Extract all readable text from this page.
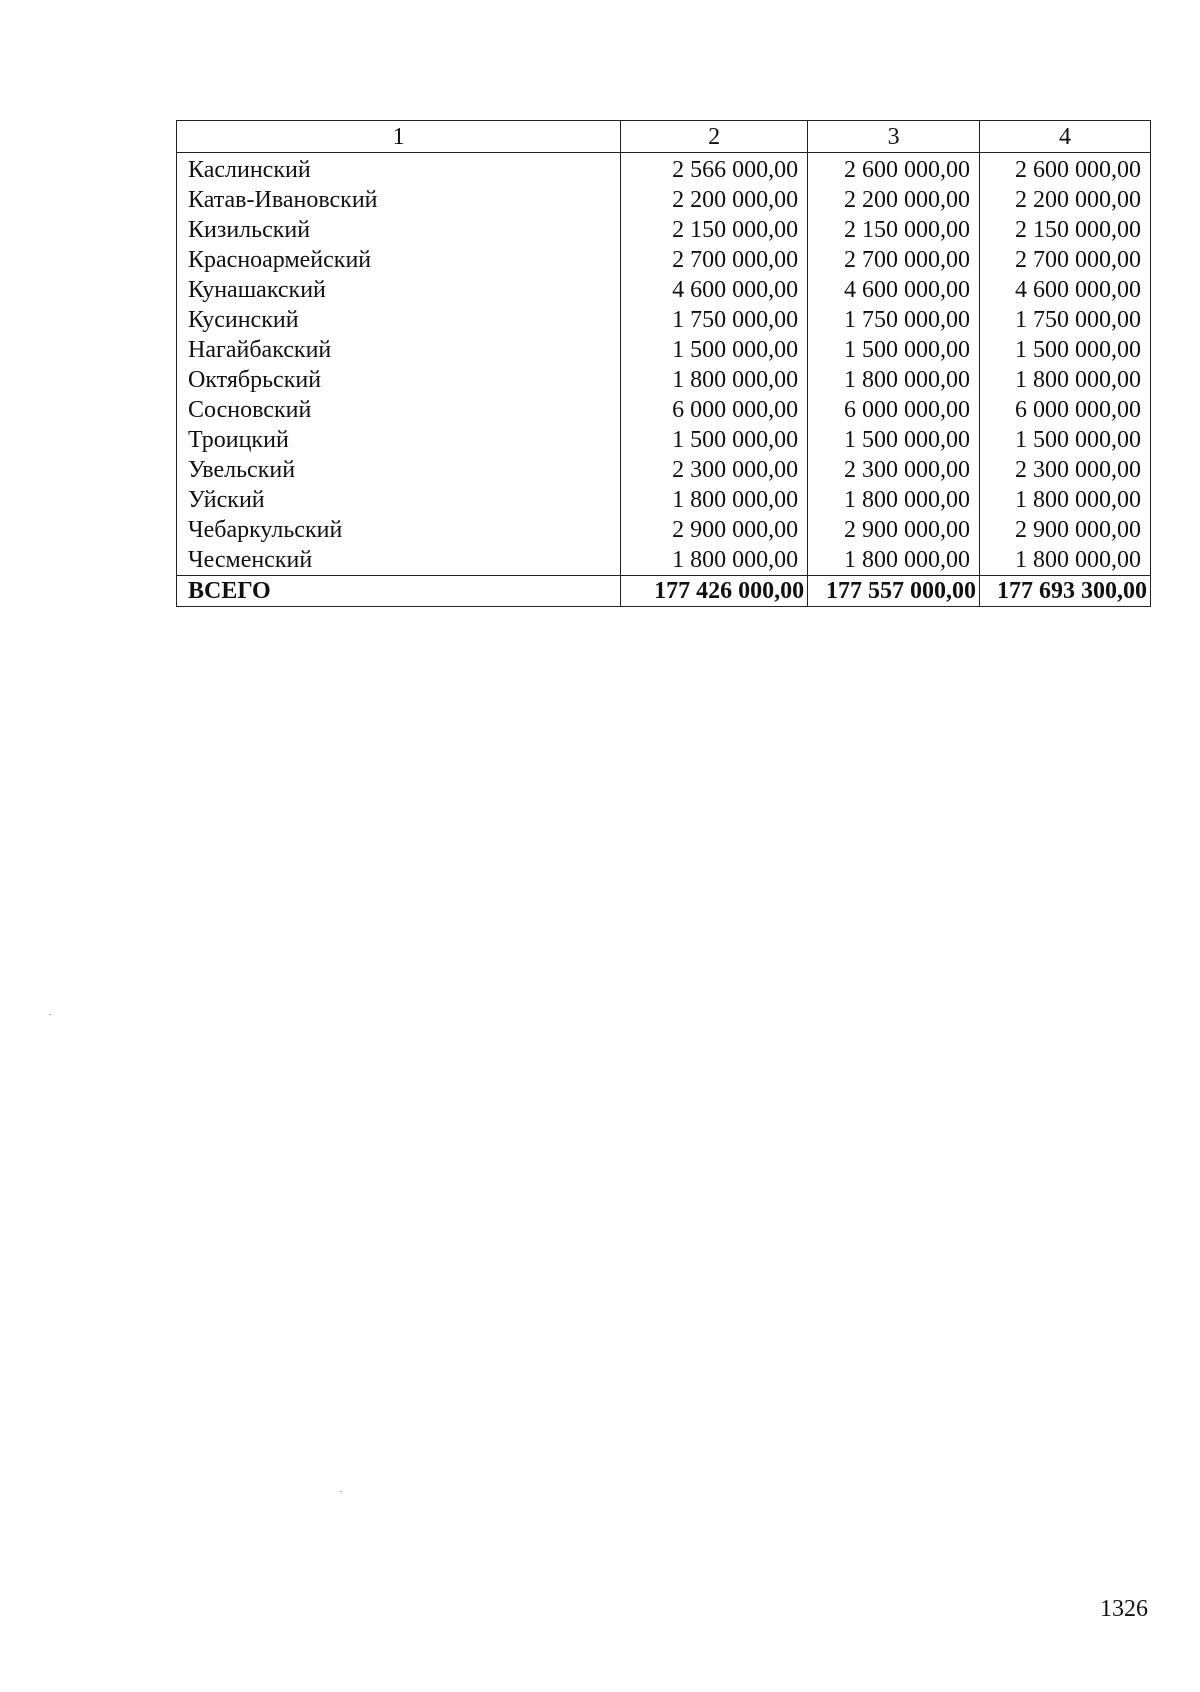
1	2	3	4
Каслинский	2 566 000,00	2 600 000,00	2 600 000,00
Катав-Ивановский	2 200 000,00	2 200 000,00	2 200 000,00
Кизильский	2 150 000,00	2 150 000,00	2 150 000,00
Красноармейский	2 700 000,00	2 700 000,00	2 700 000,00
Кунашакский	4 600 000,00	4 600 000,00	4 600 000,00
Кусинский	1 750 000,00	1 750 000,00	1 750 000,00
Нагайбакский	1 500 000,00	1 500 000,00	1 500 000,00
Октябрьский	1 800 000,00	1 800 000,00	1 800 000,00
Сосновский	6 000 000,00	6 000 000,00	6 000 000,00
Троицкий	1 500 000,00	1 500 000,00	1 500 000,00
Увельский	2 300 000,00	2 300 000,00	2 300 000,00
Уйский	1 800 000,00	1 800 000,00	1 800 000,00
Чебаркульский	2 900 000,00	2 900 000,00	2 900 000,00
Чесменский	1 800 000,00	1 800 000,00	1 800 000,00
ВСЕГО	177 426 000,00	177 557 000,00	177 693 300,00
1326
